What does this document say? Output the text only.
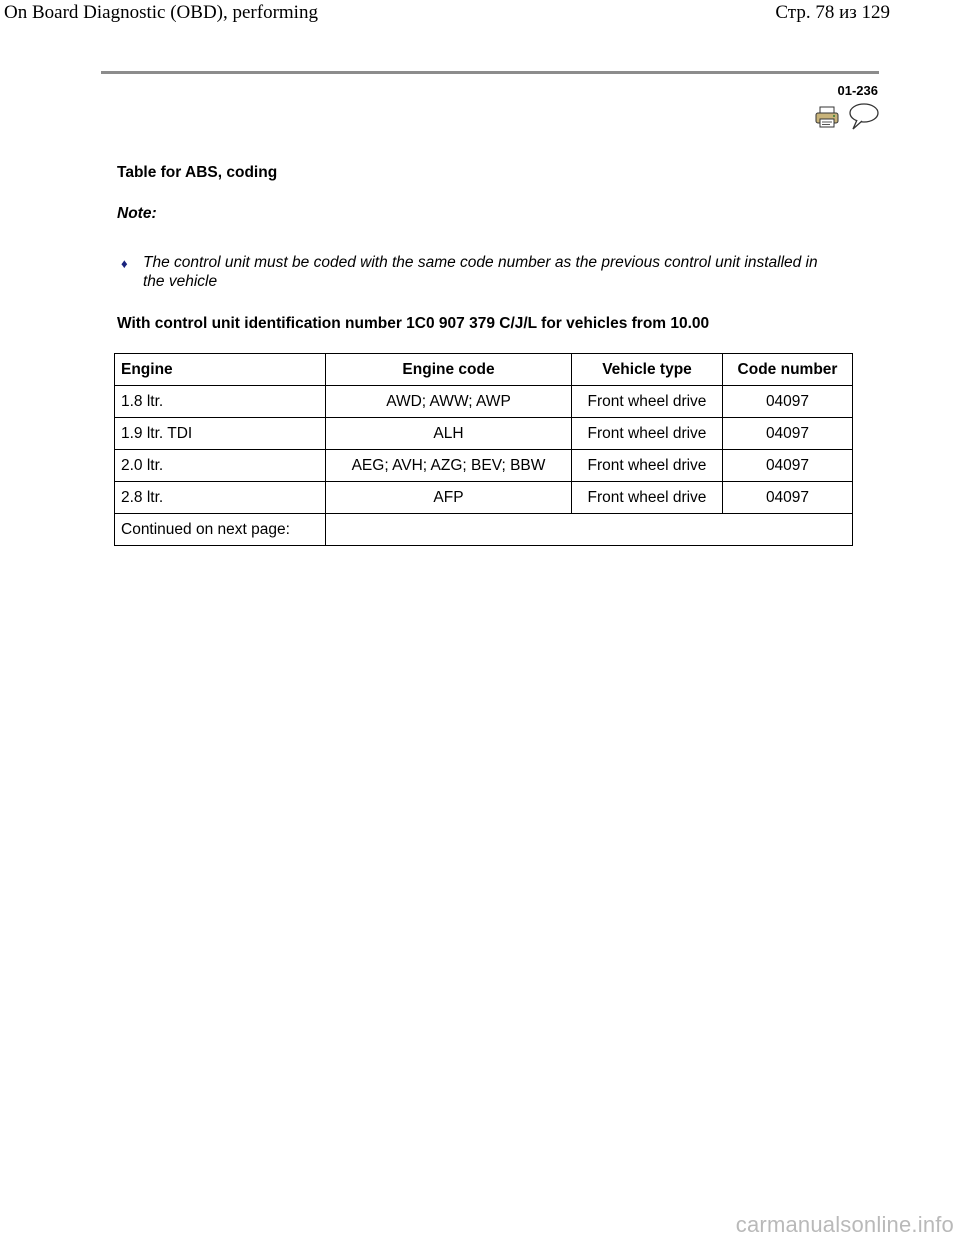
On Board Diagnostic (OBD), performing	Стр. 78 из 129
01-236
Table for ABS, coding
Note:
♦ The control unit must be coded with the same code number as the previous control unit installed in the vehicle
With control unit identification number 1C0 907 379 C/J/L for vehicles from 10.00
Engine	Engine code	Vehicle type	Code number
1.8 ltr.	AWD; AWW; AWP	Front wheel drive	04097
1.9 ltr. TDI	ALH	Front wheel drive	04097
2.0 ltr.	AEG; AVH; AZG; BEV; BBW	Front wheel drive	04097
2.8 ltr.	AFP	Front wheel drive	04097
Continued on next page:			
carmanualsonline.info
